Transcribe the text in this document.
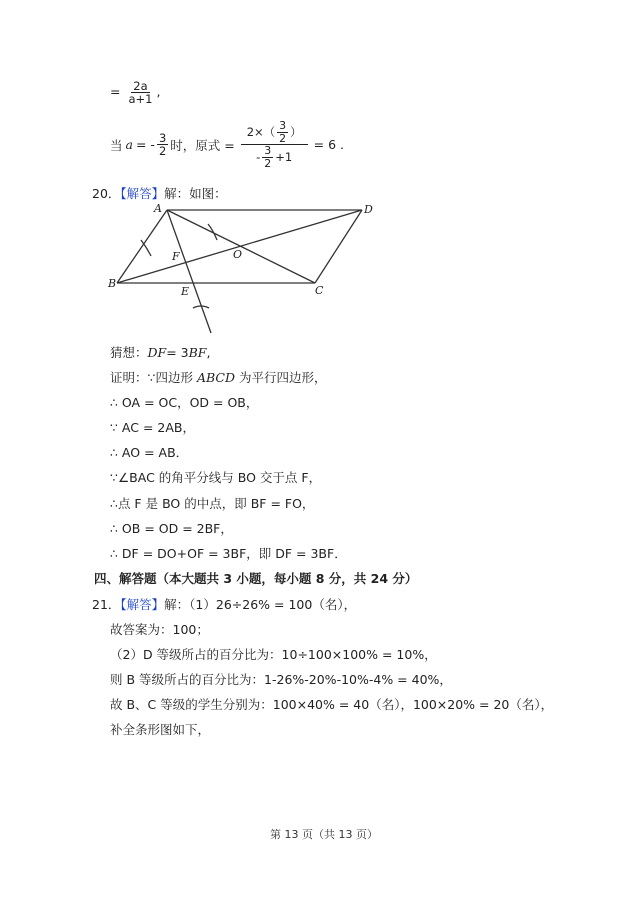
= $\frac{2a}{a+1}$ ,
当 a = - $\frac{3}{2}$ 时，原式 = $\frac{2\times( \frac{3}{2} )}{- \frac{3}{2} +1} = 6$ .
20．【解答】解：如图：
A	D
B
C
F	O
E
猜想：DF= 3BF,
证明：∵四边形 ABCD 为平行四边形，
∴ OA = OC，OD = OB，
∵ AC = 2AB，
∴ AO = AB．
∵∠BAC 的角平分线与 BO 交于点 F，
∴点 F 是 BO 的中点，即 BF = FO，
∴ OB = OD = 2BF，
∴ DF = DO+OF = 3BF，即 DF = 3BF．
四、解答题（本大题共 3 小题，每小题 8 分，共 24 分）
21．【解答】解：（1）26÷26% = 100（名），
故答案为：100；
（2）D 等级所占的百分比为：10÷100×100% = 10%，
则 B 等级所占的百分比为：1-26%-20%-10%-4% = 40%，
故 B、C 等级的学生分别为：100×40% = 40（名），100×20% = 20（名），
补全条形图如下，
第 13 页（共 13 页）
